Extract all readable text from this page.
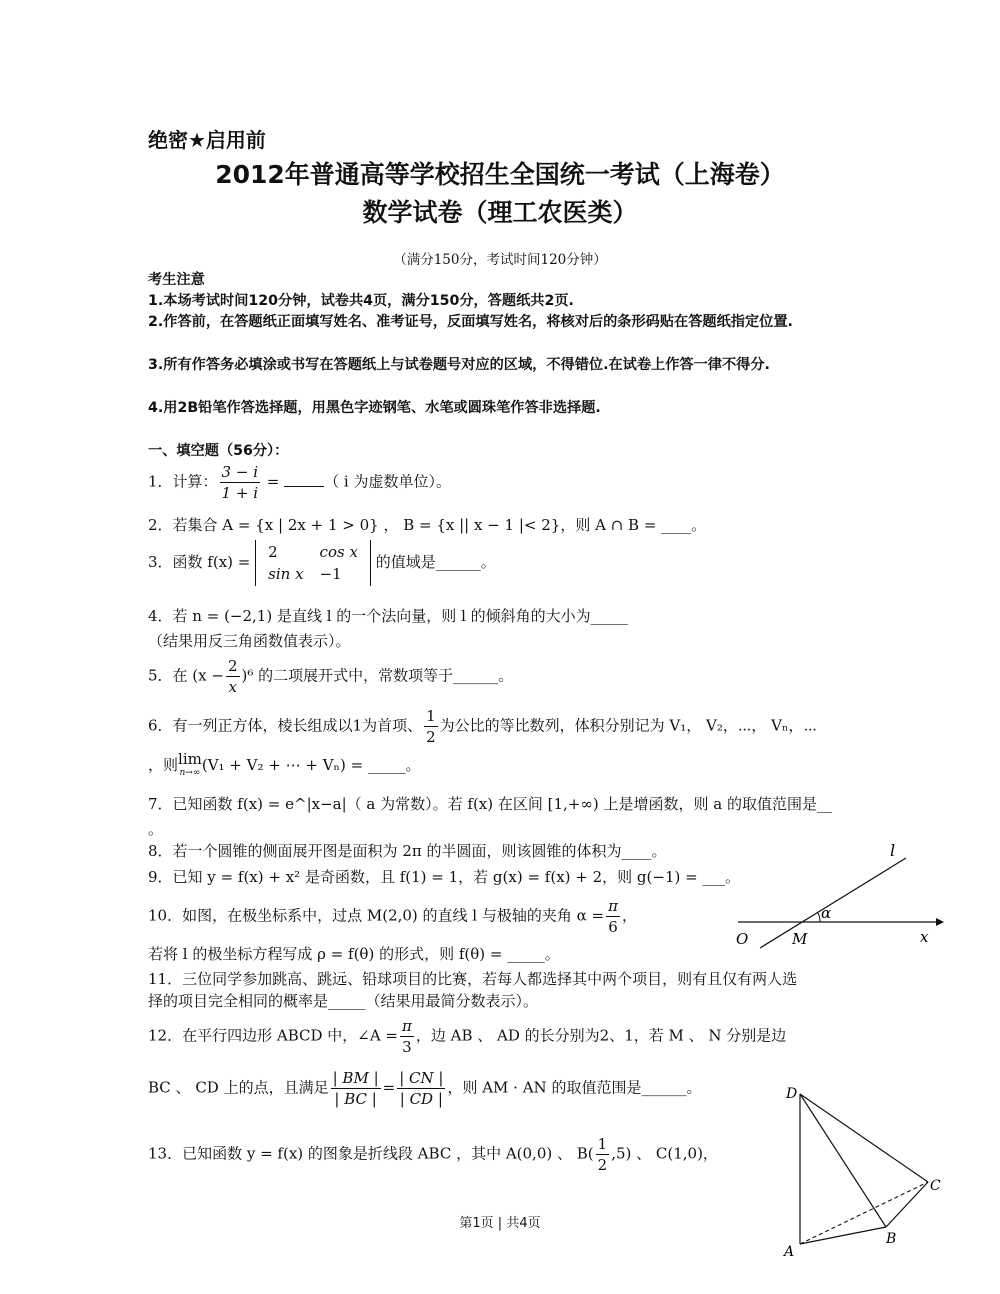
绝密★启用前
2012年普通高等学校招生全国统一考试（上海卷）
数学试卷（理工农医类）
（满分150分，考试时间120分钟）
考生注意
1.本场考试时间120分钟，试卷共4页，满分150分，答题纸共2页.
2.作答前，在答题纸正面填写姓名、准考证号，反面填写姓名，将核对后的条形码贴在答题纸指定位置.
3.所有作答务必填涂或书写在答题纸上与试卷题号对应的区域，不得错位.在试卷上作答一律不得分.
4.用2B铅笔作答选择题，用黑色字迹钢笔、水笔或圆珠笔作答非选择题.
一、填空题（56分）：
1．计算： $\frac{3 - i}{1 + i}$ =	（ i 为虚数单位）。
2．若集合 A = {x | 2x + 1 > 0} ， B = {x || x − 1 |< 2}，则 A ∩ B = ____。
3．函数 f(x) =
2	cos x
sin x	−1
的值域是______。
4．若 n = (−2,1) 是直线 l 的一个法向量，则 l 的倾斜角的大小为_____
（结果用反三角函数值表示）。
5．在 $(x - \frac{2}{x} )^6$ 的二项展开式中，常数项等于______。
6．有一列正方体，棱长组成以1为首项、 $\frac{1}{2}$ 为公比的等比数列，体积分别记为 V₁， V₂，⋯， Vₙ，⋯
，则 lim
n→∞ (V₁ + V₂ + ⋯ + Vₙ) = _____。
7．已知函数 f(x) = e^|x−a|（ a 为常数）。若 f(x) 在区间 [1,+∞) 上是增函数，则 a 的取值范围是__
。
8．若一个圆锥的侧面展开图是面积为 2π 的半圆面，则该圆锥的体积为____。
9．已知 y = f(x) + x² 是奇函数，且 f(1) = 1，若 g(x) = f(x) + 2，则 g(−1) = ___。
10．如图，在极坐标系中，过点 M(2,0) 的直线 l 与极轴的夹角 $\alpha = \frac{\pi}{6}$ ，
若将 l 的极坐标方程写成 ρ = f(θ) 的形式，则 f(θ) = _____。
l
α
O	M	x
11．三位同学参加跳高、跳远、铅球项目的比赛，若每人都选择其中两个项目，则有且仅有两人选
择的项目完全相同的概率是_____（结果用最简分数表示）。
12．在平行四边形 ABCD 中，∠A = $\frac{\pi}{3}$ ，边 AB 、 AD 的长分别为2、1，若 M 、 N 分别是边
BC 、 CD 上的点，且满足 $\frac{| BM |}{| BC |} = \frac{| CN |}{| CD |}$ ，则 AM · AN 的取值范围是______。
13．已知函数 y = f(x) 的图象是折线段 ABC ，其中 A(0,0) 、 $B( \frac{1}{2} ,5)$ 、 C(1,0)，
D
C
B
A
第1页 | 共4页
